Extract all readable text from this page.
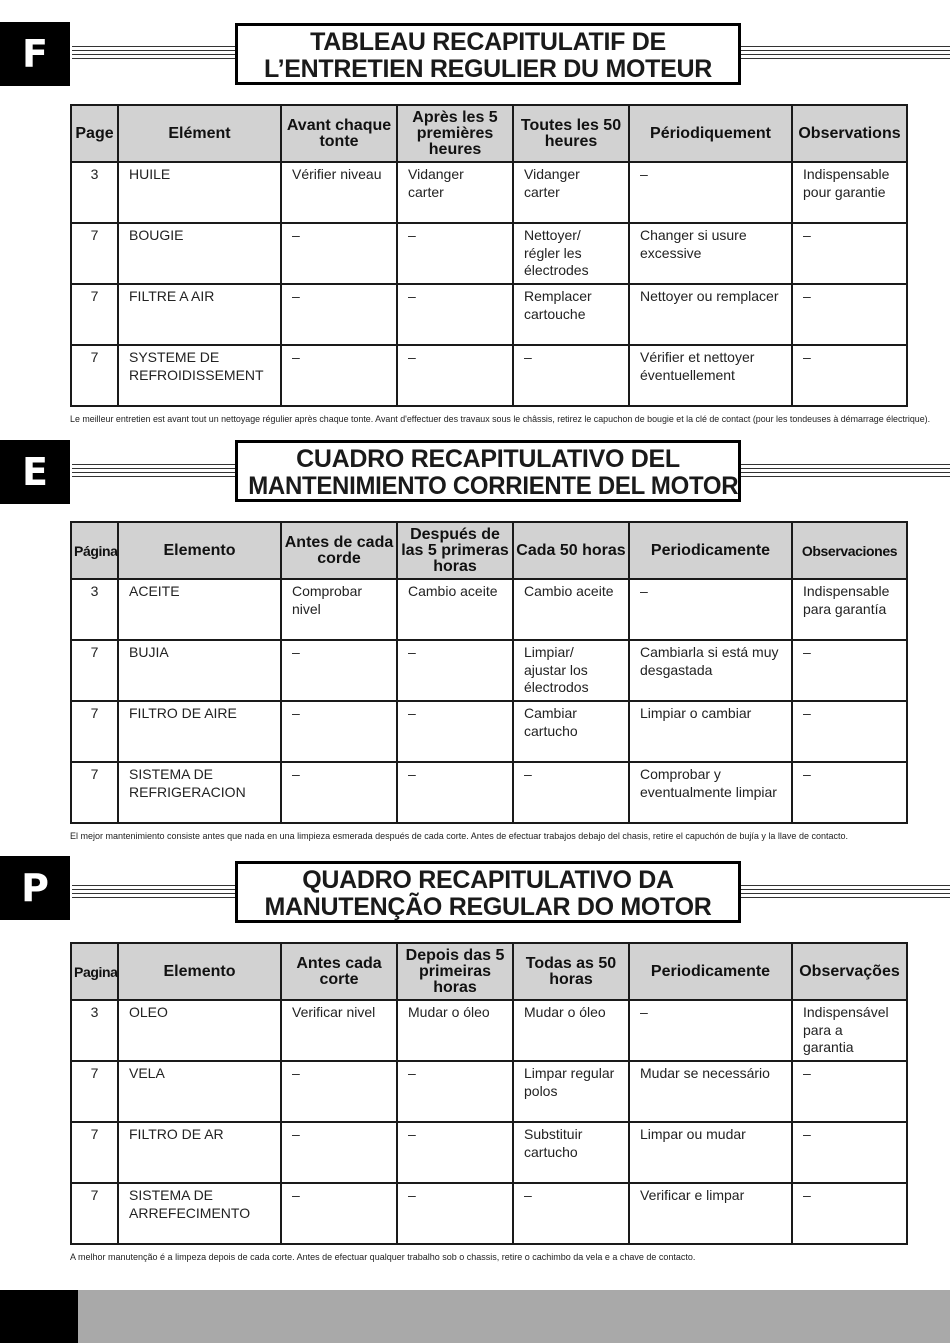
F	TABLEAU RECAPITULATIF DE
L’ENTRETIEN REGULIER DU MOTEUR
Page	Elément	Avant chaque tonte	Après les 5 premières heures	Toutes les 50 heures	Périodiquement	Observations
3	HUILE	Vérifier niveau	Vidanger carter	Vidanger carter	–	Indispensable pour garantie
7	BOUGIE	–	–	Nettoyer/ régler les électrodes	Changer si usure excessive	–
7	FILTRE A AIR	–	–	Remplacer cartouche	Nettoyer ou remplacer	–
7	SYSTEME DE REFROIDISSEMENT	–	–	–	Vérifier et nettoyer éventuellement	–
Le meilleur entretien est avant tout un nettoyage régulier après chaque tonte. Avant d'effectuer des travaux sous le châssis, retirez le capuchon de bougie et la clé de contact (pour les tondeuses à démarrage électrique).
E	CUADRO RECAPITULATIVO DEL
MANTENIMIENTO CORRIENTE DEL MOTOR
Página	Elemento	Antes de cada corde	Después de las 5 primeras horas	Cada 50 horas	Periodicamente	Observaciones
3	ACEITE	Comprobar nivel	Cambio aceite	Cambio aceite	–	Indispensable para garantía
7	BUJIA	–	–	Limpiar/ ajustar los électrodos	Cambiarla si está muy desgastada	–
7	FILTRO DE AIRE	–	–	Cambiar cartucho	Limpiar o cambiar	–
7	SISTEMA DE REFRIGERACION	–	–	–	Comprobar y eventualmente limpiar	–
El mejor mantenimiento consiste antes que nada en una limpieza esmerada después de cada corte. Antes de efectuar trabajos debajo del chasis, retire el capuchón de bujía y la llave de contacto.
P	QUADRO RECAPITULATIVO DA
MANUTENÇÃO REGULAR DO MOTOR
Pagina	Elemento	Antes cada corte	Depois das 5 primeiras horas	Todas as 50 horas	Periodicamente	Observações
3	OLEO	Verificar nivel	Mudar o óleo	Mudar o óleo	–	Indispensável para a garantia
7	VELA	–	–	Limpar regular polos	Mudar se necessário	–
7	FILTRO DE AR	–	–	Substituir cartucho	Limpar ou mudar	–
7	SISTEMA DE ARREFECIMENTO	–	–	–	Verificar e limpar	–
A melhor manutenção é a limpeza depois de cada corte. Antes de efectuar qualquer trabalho sob o chassis, retire o cachimbo da vela e a chave de contacto.
